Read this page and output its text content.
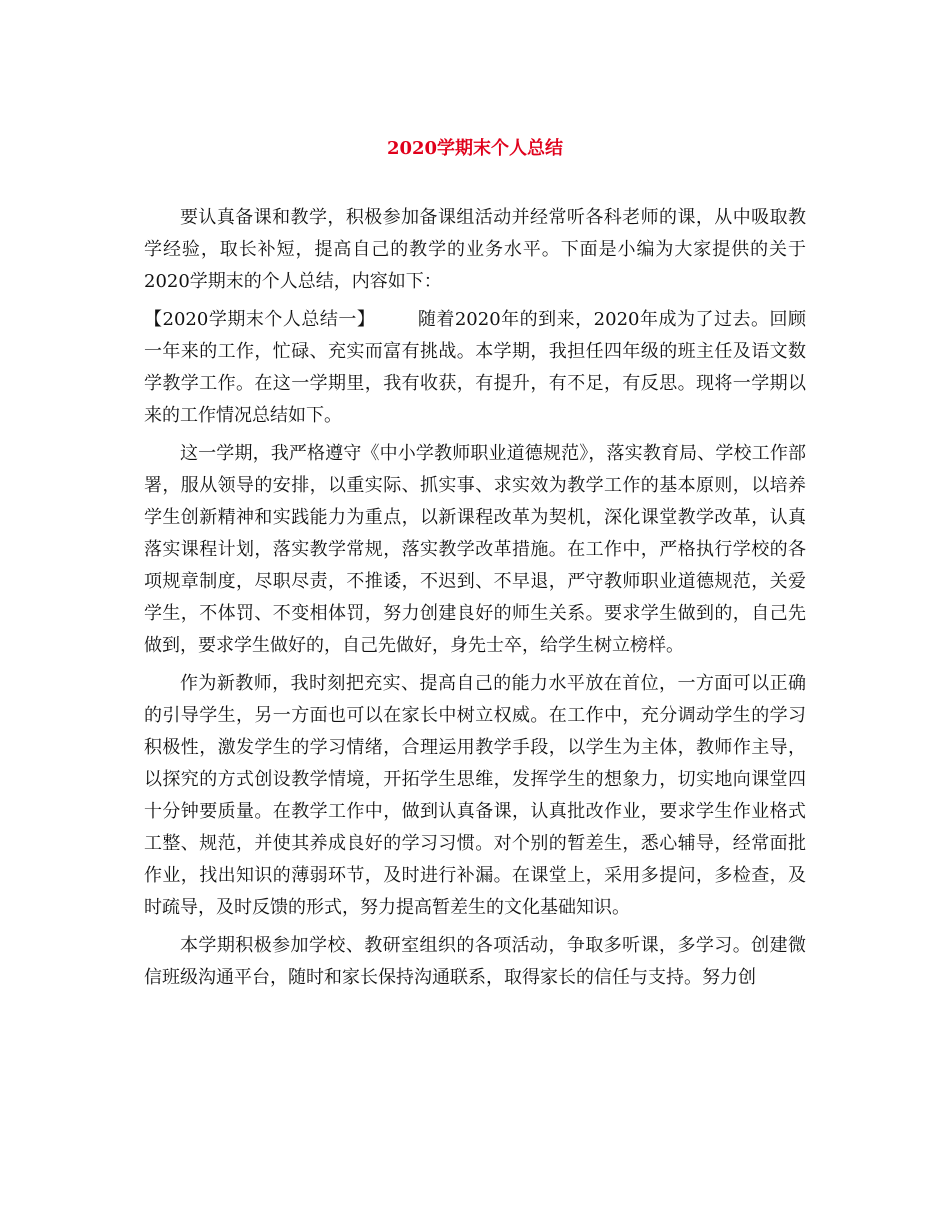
2020学期末个人总结

要认真备课和教学，积极参加备课组活动并经常听各科老师的课，从中吸取教学经验，取长补短，提高自己的教学的业务水平。下面是小编为大家提供的关于2020学期末的个人总结，内容如下：

【2020学期末个人总结一】 随着2020年的到来，2020年成为了过去。回顾一年来的工作，忙碌、充实而富有挑战。本学期，我担任四年级的班主任及语文数学教学工作。在这一学期里，我有收获，有提升，有不足，有反思。现将一学期以来的工作情况总结如下。

这一学期，我严格遵守《中小学教师职业道德规范》，落实教育局、学校工作部署，服从领导的安排，以重实际、抓实事、求实效为教学工作的基本原则，以培养学生创新精神和实践能力为重点，以新课程改革为契机，深化课堂教学改革，认真落实课程计划，落实教学常规，落实教学改革措施。在工作中，严格执行学校的各项规章制度，尽职尽责，不推诿，不迟到、不早退，严守教师职业道德规范，关爱学生，不体罚、不变相体罚，努力创建良好的师生关系。要求学生做到的，自己先做到，要求学生做好的，自己先做好，身先士卒，给学生树立榜样。

作为新教师，我时刻把充实、提高自己的能力水平放在首位，一方面可以正确的引导学生，另一方面也可以在家长中树立权威。在工作中，充分调动学生的学习积极性，激发学生的学习情绪，合理运用教学手段，以学生为主体，教师作主导，以探究的方式创设教学情境，开拓学生思维，发挥学生的想象力，切实地向课堂四十分钟要质量。在教学工作中，做到认真备课，认真批改作业，要求学生作业格式工整、规范，并使其养成良好的学习习惯。对个别的暂差生，悉心辅导，经常面批作业，找出知识的薄弱环节，及时进行补漏。在课堂上，采用多提问，多检查，及时疏导，及时反馈的形式，努力提高暂差生的文化基础知识。

本学期积极参加学校、教研室组织的各项活动，争取多听课，多学习。创建微信班级沟通平台，随时和家长保持沟通联系，取得家长的信任与支持。努力创
